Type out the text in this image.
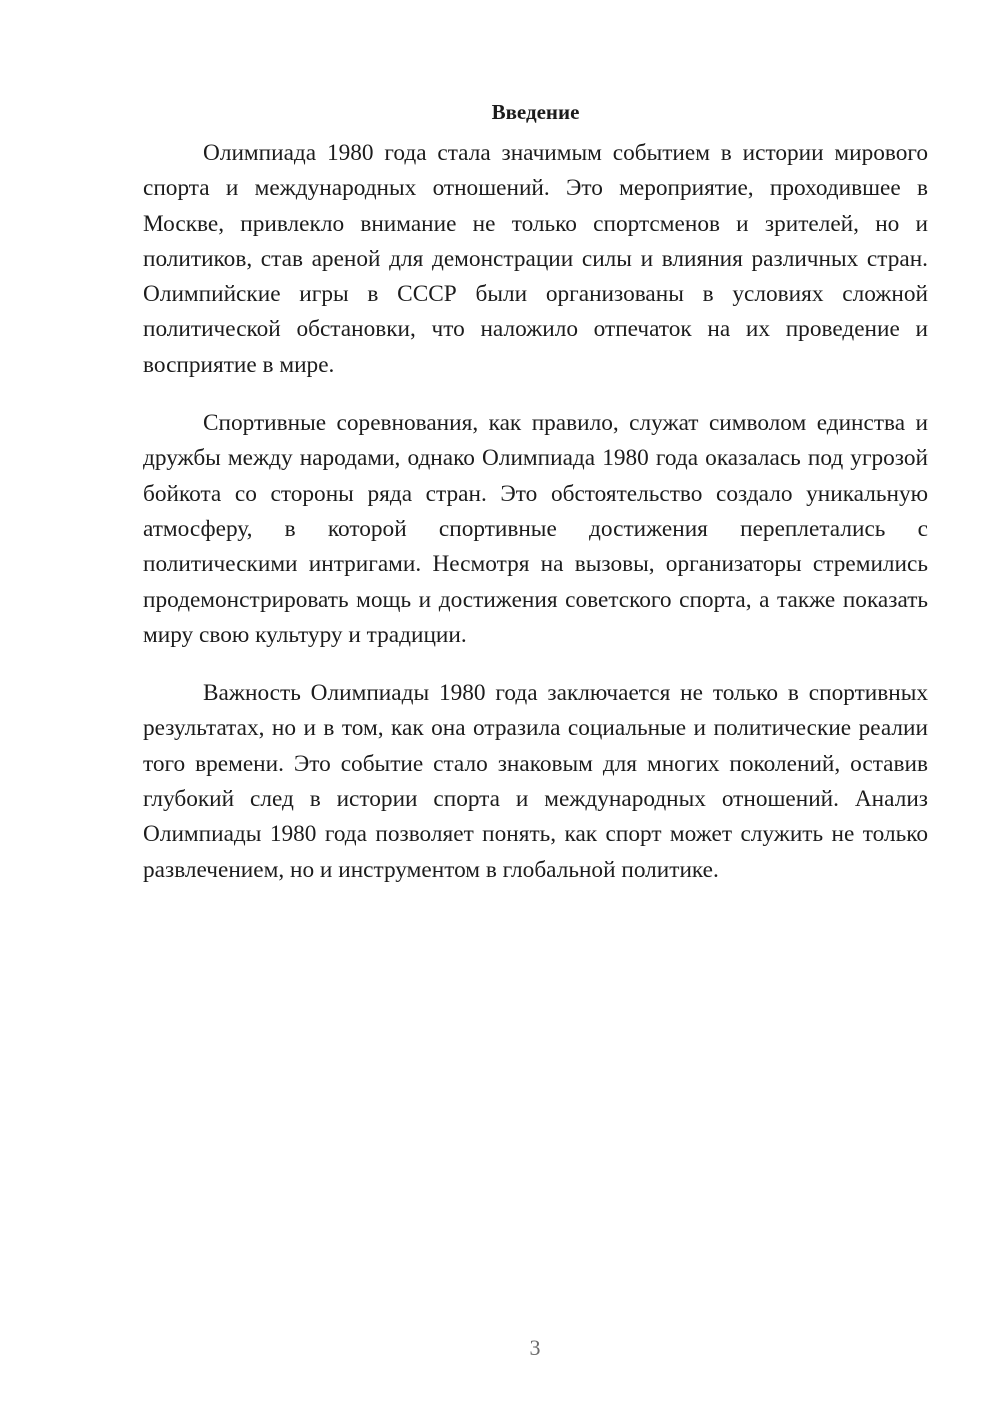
Введение

Олимпиада 1980 года стала значимым событием в истории мирового спорта и международных отношений. Это мероприятие, проходившее в Москве, привлекло внимание не только спортсменов и зрителей, но и политиков, став ареной для демонстрации силы и влияния различных стран. Олимпийские игры в СССР были организованы в условиях сложной политической обстановки, что наложило отпечаток на их проведение и восприятие в мире.

Спортивные соревнования, как правило, служат символом единства и дружбы между народами, однако Олимпиада 1980 года оказалась под угрозой бойкота со стороны ряда стран. Это обстоятельство создало уникальную атмосферу, в которой спортивные достижения переплетались с политическими интригами. Несмотря на вызовы, организаторы стремились продемонстрировать мощь и достижения советского спорта, а также показать миру свою культуру и традиции.

Важность Олимпиады 1980 года заключается не только в спортивных результатах, но и в том, как она отразила социальные и политические реалии того времени. Это событие стало знаковым для многих поколений, оставив глубокий след в истории спорта и международных отношений. Анализ Олимпиады 1980 года позволяет понять, как спорт может служить не только развлечением, но и инструментом в глобальной политике.

3
